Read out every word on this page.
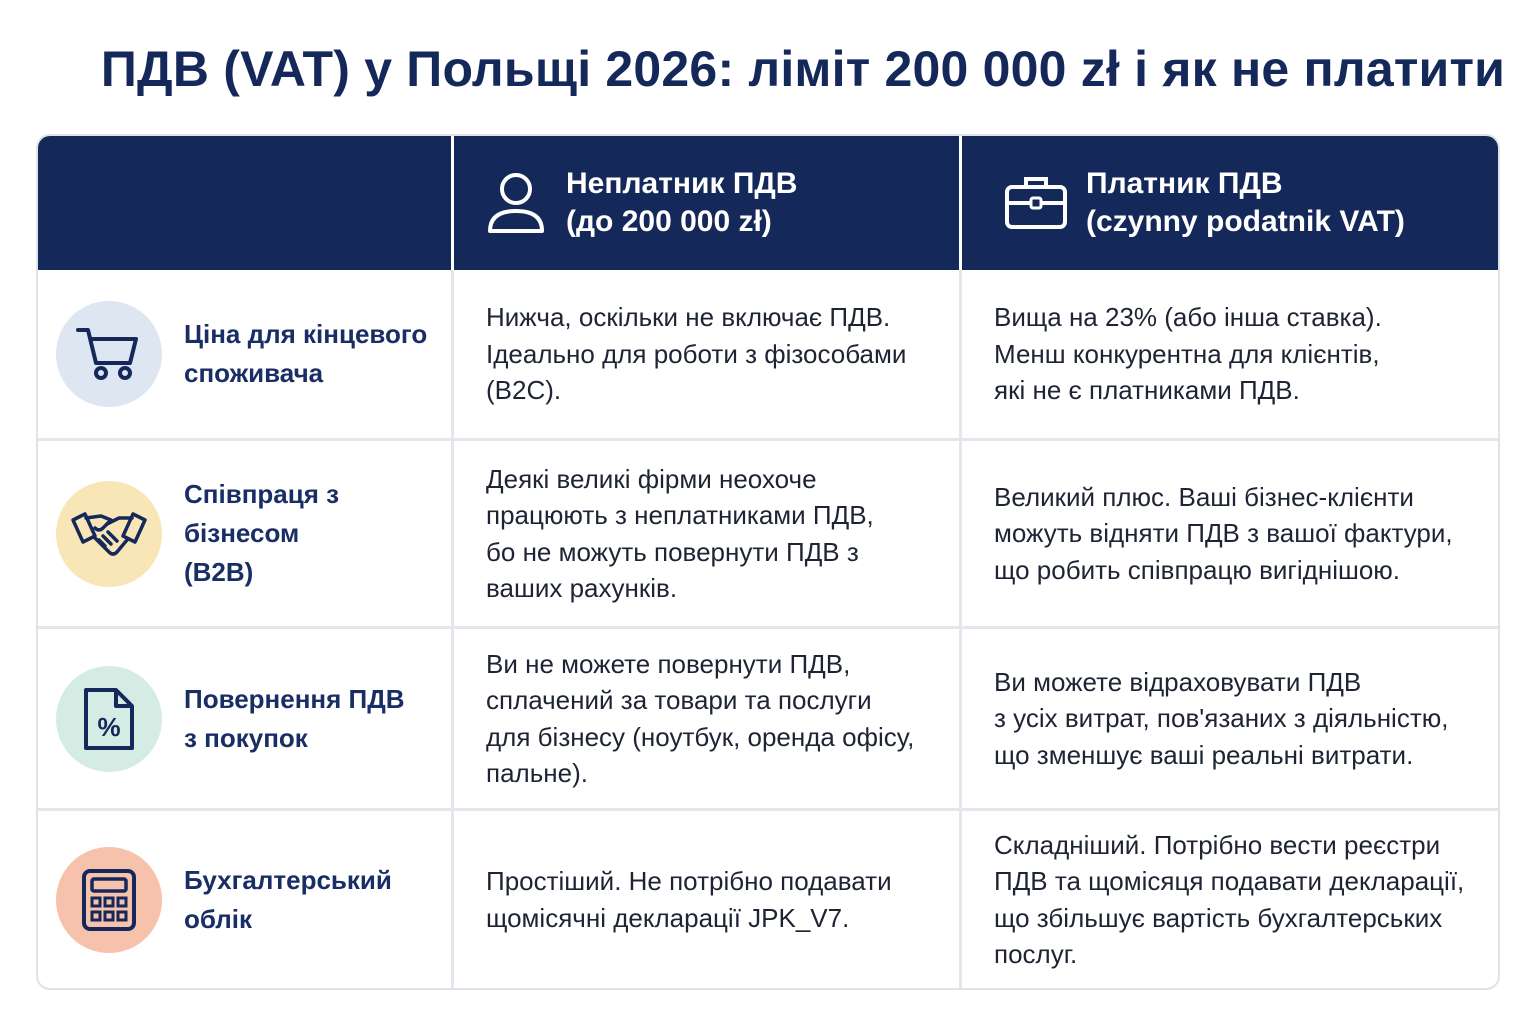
ПДВ (VAT) у Польщі 2026: ліміт 200 000 zł і як не платити
Неплатник ПДВ
(до 200 000 zł)
Платник ПДВ
(czynny podatnik VAT)
Ціна для кінцевого
споживача
Нижча, оскільки не включає ПДВ.
Ідеально для роботи з фізособами
(B2C).
Вища на 23% (або інша ставка).
Менш конкурентна для клієнтів,
які не є платниками ПДВ.
Співпраця з бізнесом
(B2B)
Деякі великі фірми неохоче
працюють з неплатниками ПДВ,
бо не можуть повернути ПДВ з
ваших рахунків.
Великий плюс. Ваші бізнес-клієнти
можуть відняти ПДВ з вашої фактури,
що робить співпрацю вигіднішою.
%
Повернення ПДВ
з покупок
Ви не можете повернути ПДВ,
сплачений за товари та послуги
для бізнесу (ноутбук, оренда офісу,
пальне).
Ви можете відраховувати ПДВ
з усіх витрат, пов'язаних з діяльністю,
що зменшує ваші реальні витрати.
Бухгалтерський облік
Простіший. Не потрібно подавати
щомісячні декларації JPK_V7.
Складніший. Потрібно вести реєстри
ПДВ та щомісяця подавати декларації,
що збільшує вартість бухгалтерських
послуг.
